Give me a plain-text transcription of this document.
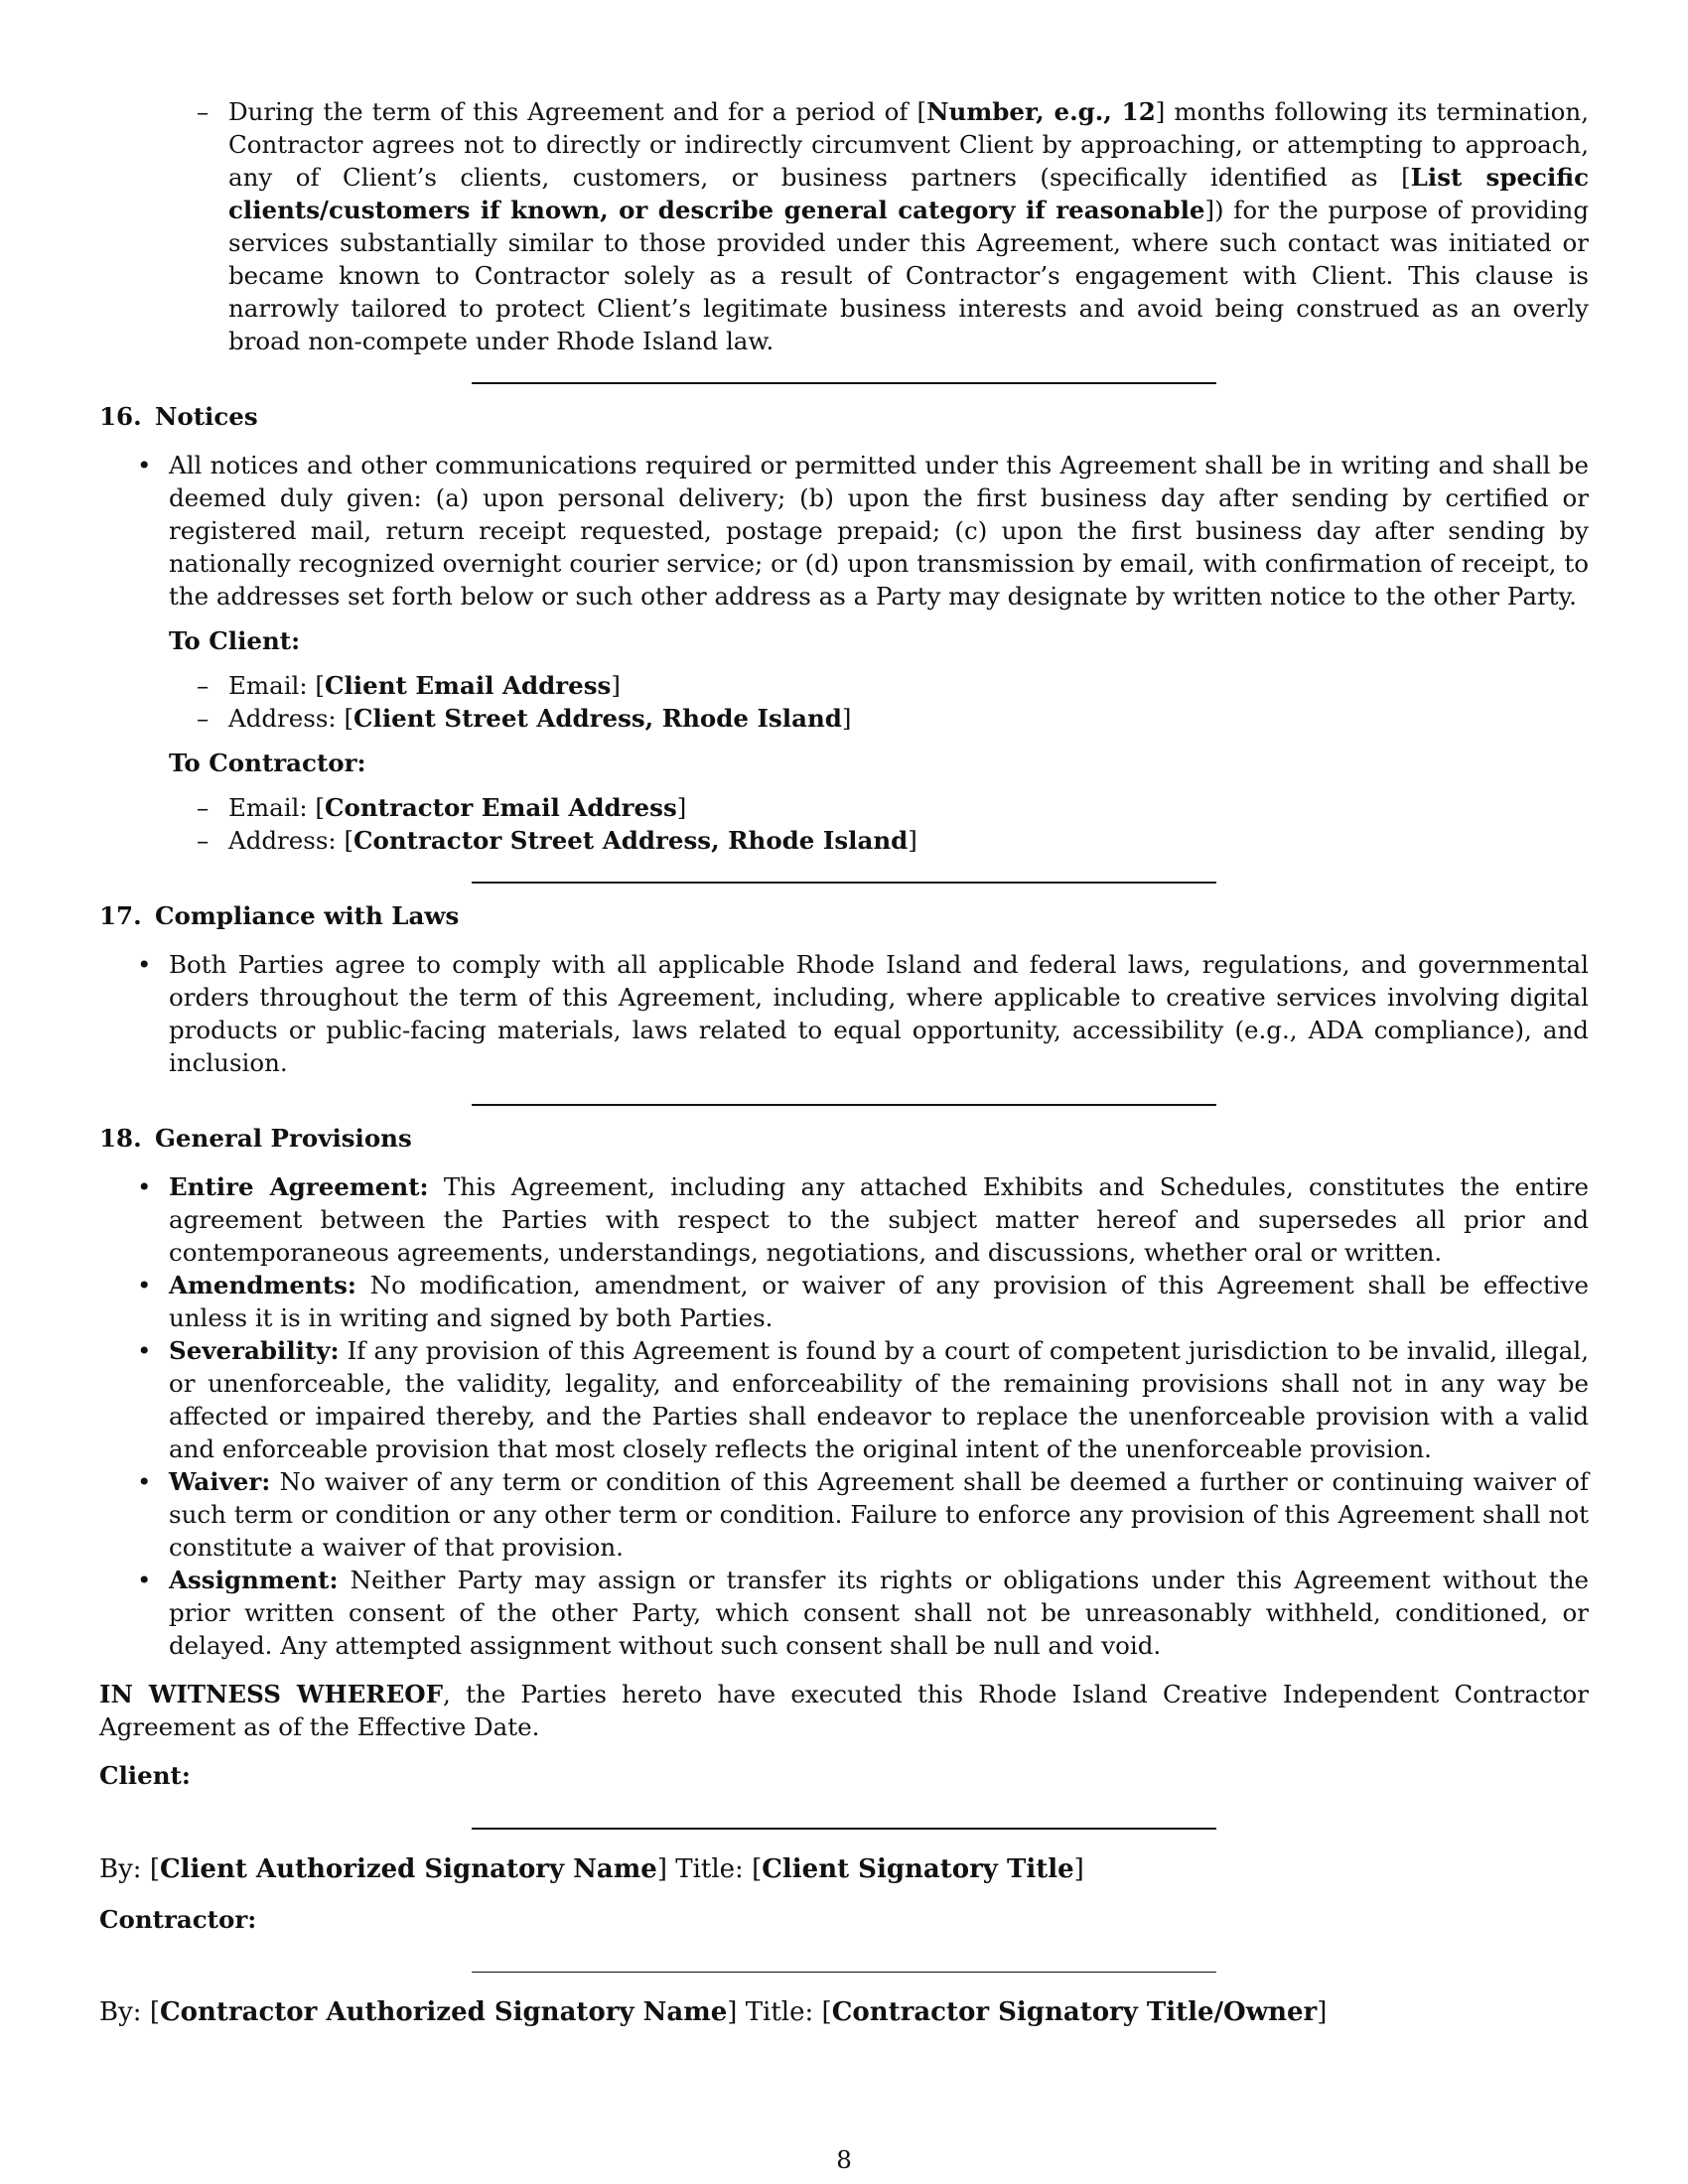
– During the term of this Agreement and for a period of [Number, e.g., 12] months following its termination, Contractor agrees not to directly or indirectly circumvent Client by approaching, or attempting to approach, any of Client’s clients, customers, or business partners (specifically identified as [List specific clients/customers if known, or describe general category if reasonable]) for the purpose of providing services substantially similar to those provided under this Agreement, where such contact was initiated or became known to Contractor solely as a result of Contractor’s engagement with Client. This clause is narrowly tailored to protect Client’s legitimate business interests and avoid being construed as an overly broad non-compete under Rhode Island law.
16. Notices
• All notices and other communications required or permitted under this Agreement shall be in writing and shall be deemed duly given: (a) upon personal delivery; (b) upon the first business day after sending by certified or registered mail, return receipt requested, postage prepaid; (c) upon the first business day after sending by nationally recognized overnight courier service; or (d) upon transmission by email, with confirmation of receipt, to the addresses set forth below or such other address as a Party may designate by written notice to the other Party.
To Client:
– Email: [Client Email Address]
– Address: [Client Street Address, Rhode Island]
To Contractor:
– Email: [Contractor Email Address]
– Address: [Contractor Street Address, Rhode Island]
17. Compliance with Laws
• Both Parties agree to comply with all applicable Rhode Island and federal laws, regulations, and governmental orders throughout the term of this Agreement, including, where applicable to creative services involving digital products or public-facing materials, laws related to equal opportunity, accessibility (e.g., ADA compliance), and inclusion.
18. General Provisions
• Entire Agreement: This Agreement, including any attached Exhibits and Schedules, constitutes the entire agreement between the Parties with respect to the subject matter hereof and supersedes all prior and contemporaneous agreements, understandings, negotiations, and discussions, whether oral or written.
• Amendments: No modification, amendment, or waiver of any provision of this Agreement shall be effective unless it is in writing and signed by both Parties.
• Severability: If any provision of this Agreement is found by a court of competent jurisdiction to be invalid, illegal, or unenforceable, the validity, legality, and enforceability of the remaining provisions shall not in any way be affected or impaired thereby, and the Parties shall endeavor to replace the unenforceable provision with a valid and enforceable provision that most closely reflects the original intent of the unenforceable provision.
• Waiver: No waiver of any term or condition of this Agreement shall be deemed a further or continuing waiver of such term or condition or any other term or condition. Failure to enforce any provision of this Agreement shall not constitute a waiver of that provision.
• Assignment: Neither Party may assign or transfer its rights or obligations under this Agreement without the prior written consent of the other Party, which consent shall not be unreasonably withheld, conditioned, or delayed. Any attempted assignment without such consent shall be null and void.
IN WITNESS WHEREOF, the Parties hereto have executed this Rhode Island Creative Independent Contractor Agreement as of the Effective Date.
Client:
By: [Client Authorized Signatory Name] Title: [Client Signatory Title]
Contractor:
By: [Contractor Authorized Signatory Name] Title: [Contractor Signatory Title/Owner]
8
